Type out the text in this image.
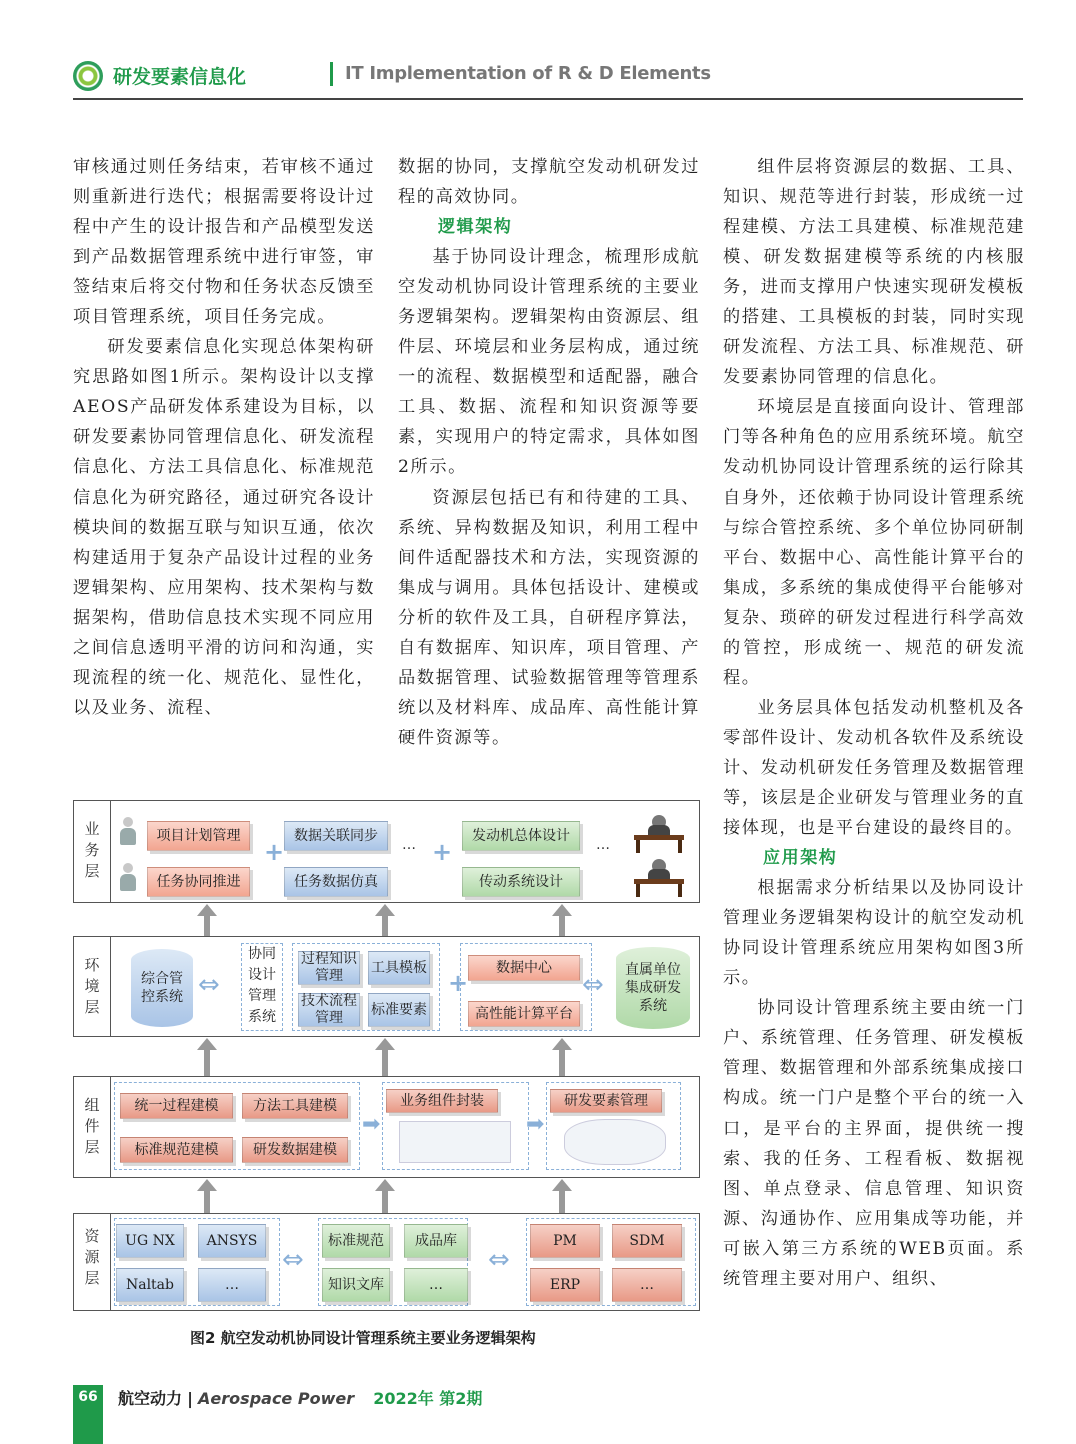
研发要素信息化	IT Implementation of R & D Elements

审核通过则任务结束，若审核不通过则重新进行迭代；根据需要将设计过程中产生的设计报告和产品模型发送到产品数据管理系统中进行审签，审签结束后将交付物和任务状态反馈至项目管理系统，项目任务完成。

研发要素信息化实现总体架构研究思路如图1所示。架构设计以支撑AEOS产品研发体系建设为目标，以研发要素协同管理信息化、研发流程信息化、方法工具信息化、标准规范信息化为研究路径，通过研究各设计模块间的数据互联与知识互通，依次构建适用于复杂产品设计过程的业务逻辑架构、应用架构、技术架构与数据架构，借助信息技术实现不同应用之间信息透明平滑的访问和沟通，实现流程的统一化、规范化、显性化，以及业务、流程、

数据的协同，支撑航空发动机研发过程的高效协同。

逻辑架构

基于协同设计理念，梳理形成航空发动机协同设计管理系统的主要业务逻辑架构。逻辑架构由资源层、组件层、环境层和业务层构成，通过统一的流程、数据模型和适配器，融合工具、数据、流程和知识资源等要素，实现用户的特定需求，具体如图2所示。

资源层包括已有和待建的工具、系统、异构数据及知识，利用工程中间件适配器技术和方法，实现资源的集成与调用。具体包括设计、建模或分析的软件及工具，自研程序算法，自有数据库、知识库，项目管理、产品数据管理、试验数据管理等管理系统以及材料库、成品库、高性能计算硬件资源等。

组件层将资源层的数据、工具、知识、规范等进行封装，形成统一过程建模、方法工具建模、标准规范建模、研发数据建模等系统的内核服务，进而支撑用户快速实现研发模板的搭建、工具模板的封装，同时实现研发流程、方法工具、标准规范、研发要素协同管理的信息化。

环境层是直接面向设计、管理部门等各种角色的应用系统环境。航空发动机协同设计管理系统的运行除其自身外，还依赖于协同设计管理系统与综合管控系统、多个单位协同研制平台、数据中心、高性能计算平台的集成，多系统的集成使得平台能够对复杂、琐碎的研发过程进行科学高效的管控，形成统一、规范的研发流程。

业务层具体包括发动机整机及各零部件设计、发动机各软件及系统设计、发动机研发任务管理及数据管理等，该层是企业研发与管理业务的直接体现，也是平台建设的最终目的。

应用架构

根据需求分析结果以及协同设计管理业务逻辑架构设计的航空发动机协同设计管理系统应用架构如图3所示。

协同设计管理系统主要由统一门户、系统管理、任务管理、研发模板管理、数据管理和外部系统集成接口构成。统一门户是整个平台的统一入口，是平台的主界面，提供统一搜索、我的任务、工程看板、数据视图、单点登录、信息管理、知识资源、沟通协作、应用集成等功能，并可嵌入第三方系统的WEB页面。系统管理主要对用户、组织、

业务层
项目计划管理
任务协同推进
+
数据关联同步
任务数据仿真
… +
发动机总体设计
传动系统设计
…
环境层
综合管控系统 ⇔
协同设计管理系统
过程知识管理
工具模板
技术流程管理
标准要素
+
数据中心
高性能计算平台
⇔	直属单位集成研发系统
组件层
统一过程建模	方法工具建模
标准规范建模	研发数据建模
➡
业务组件封装
➡
研发要素管理
资源层
UG NX	ANSYS
Naltab	…
⇔
标准规范	成品库
知识文库	…
⇔
PM	SDM
ERP	…
图2 航空发动机协同设计管理系统主要业务逻辑架构
66	航空动力 | Aerospace Power 2022年 第2期
